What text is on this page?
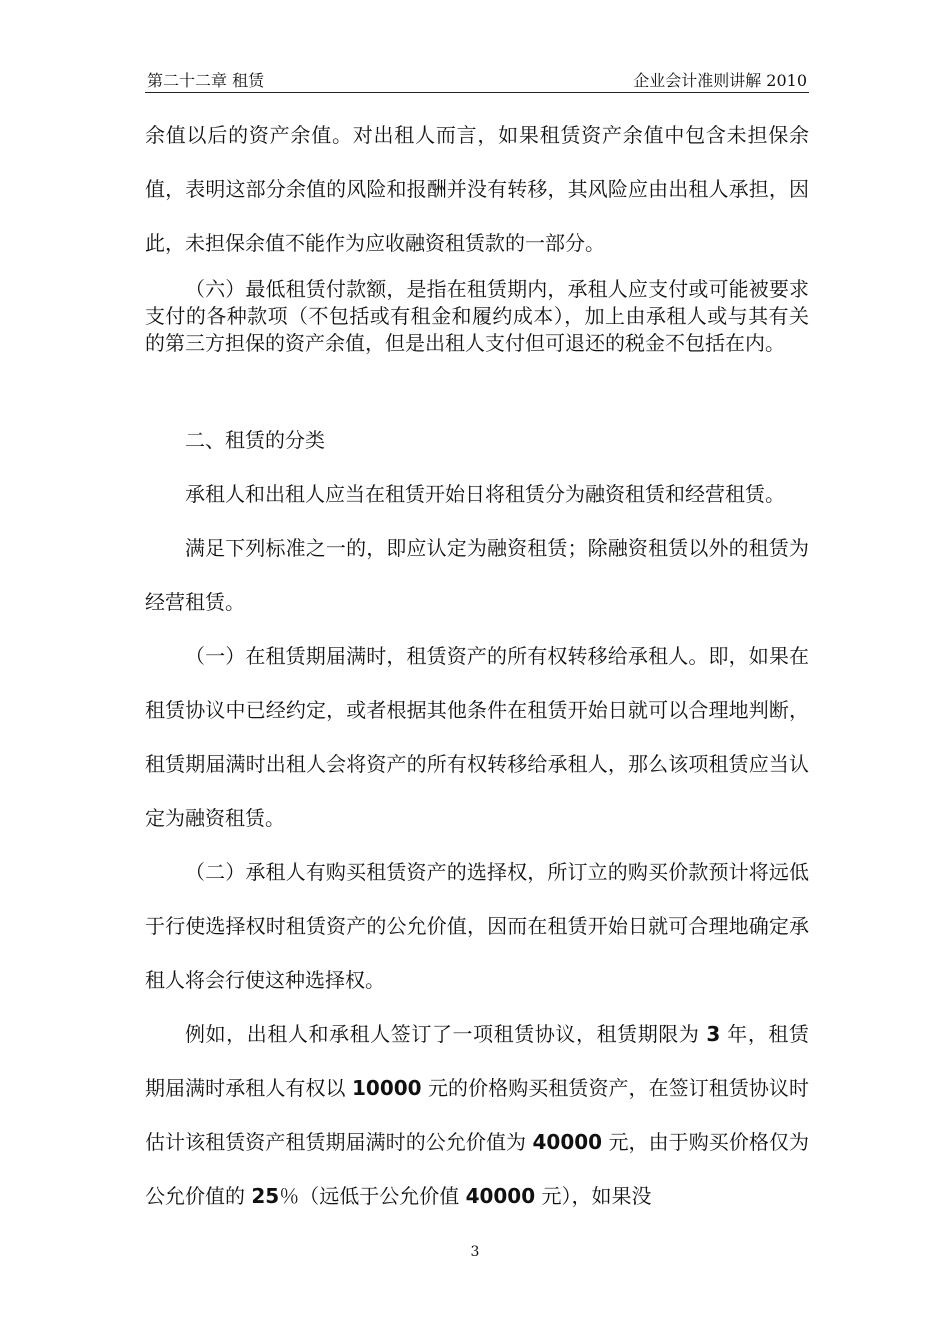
第二十二章 租赁	企业会计准则讲解 2010

余值以后的资产余值。对出租人而言，如果租赁资产余值中包含未担保余值，表明这部分余值的风险和报酬并没有转移，其风险应由出租人承担，因此，未担保余值不能作为应收融资租赁款的一部分。

（六）最低租赁付款额，是指在租赁期内，承租人应支付或可能被要求支付的各种款项（不包括或有租金和履约成本），加上由承租人或与其有关的第三方担保的资产余值，但是出租人支付但可退还的税金不包括在内。

二、租赁的分类

承租人和出租人应当在租赁开始日将租赁分为融资租赁和经营租赁。

满足下列标准之一的，即应认定为融资租赁；除融资租赁以外的租赁为经营租赁。

（一）在租赁期届满时，租赁资产的所有权转移给承租人。即，如果在租赁协议中已经约定，或者根据其他条件在租赁开始日就可以合理地判断，租赁期届满时出租人会将资产的所有权转移给承租人，那么该项租赁应当认定为融资租赁。

（二）承租人有购买租赁资产的选择权，所订立的购买价款预计将远低于行使选择权时租赁资产的公允价值，因而在租赁开始日就可合理地确定承租人将会行使这种选择权。

例如，出租人和承租人签订了一项租赁协议，租赁期限为 3 年，租赁期届满时承租人有权以 10000 元的价格购买租赁资产，在签订租赁协议时估计该租赁资产租赁期届满时的公允价值为 40000 元，由于购买价格仅为公允价值的 25％（远低于公允价值 40000 元），如果没

3
